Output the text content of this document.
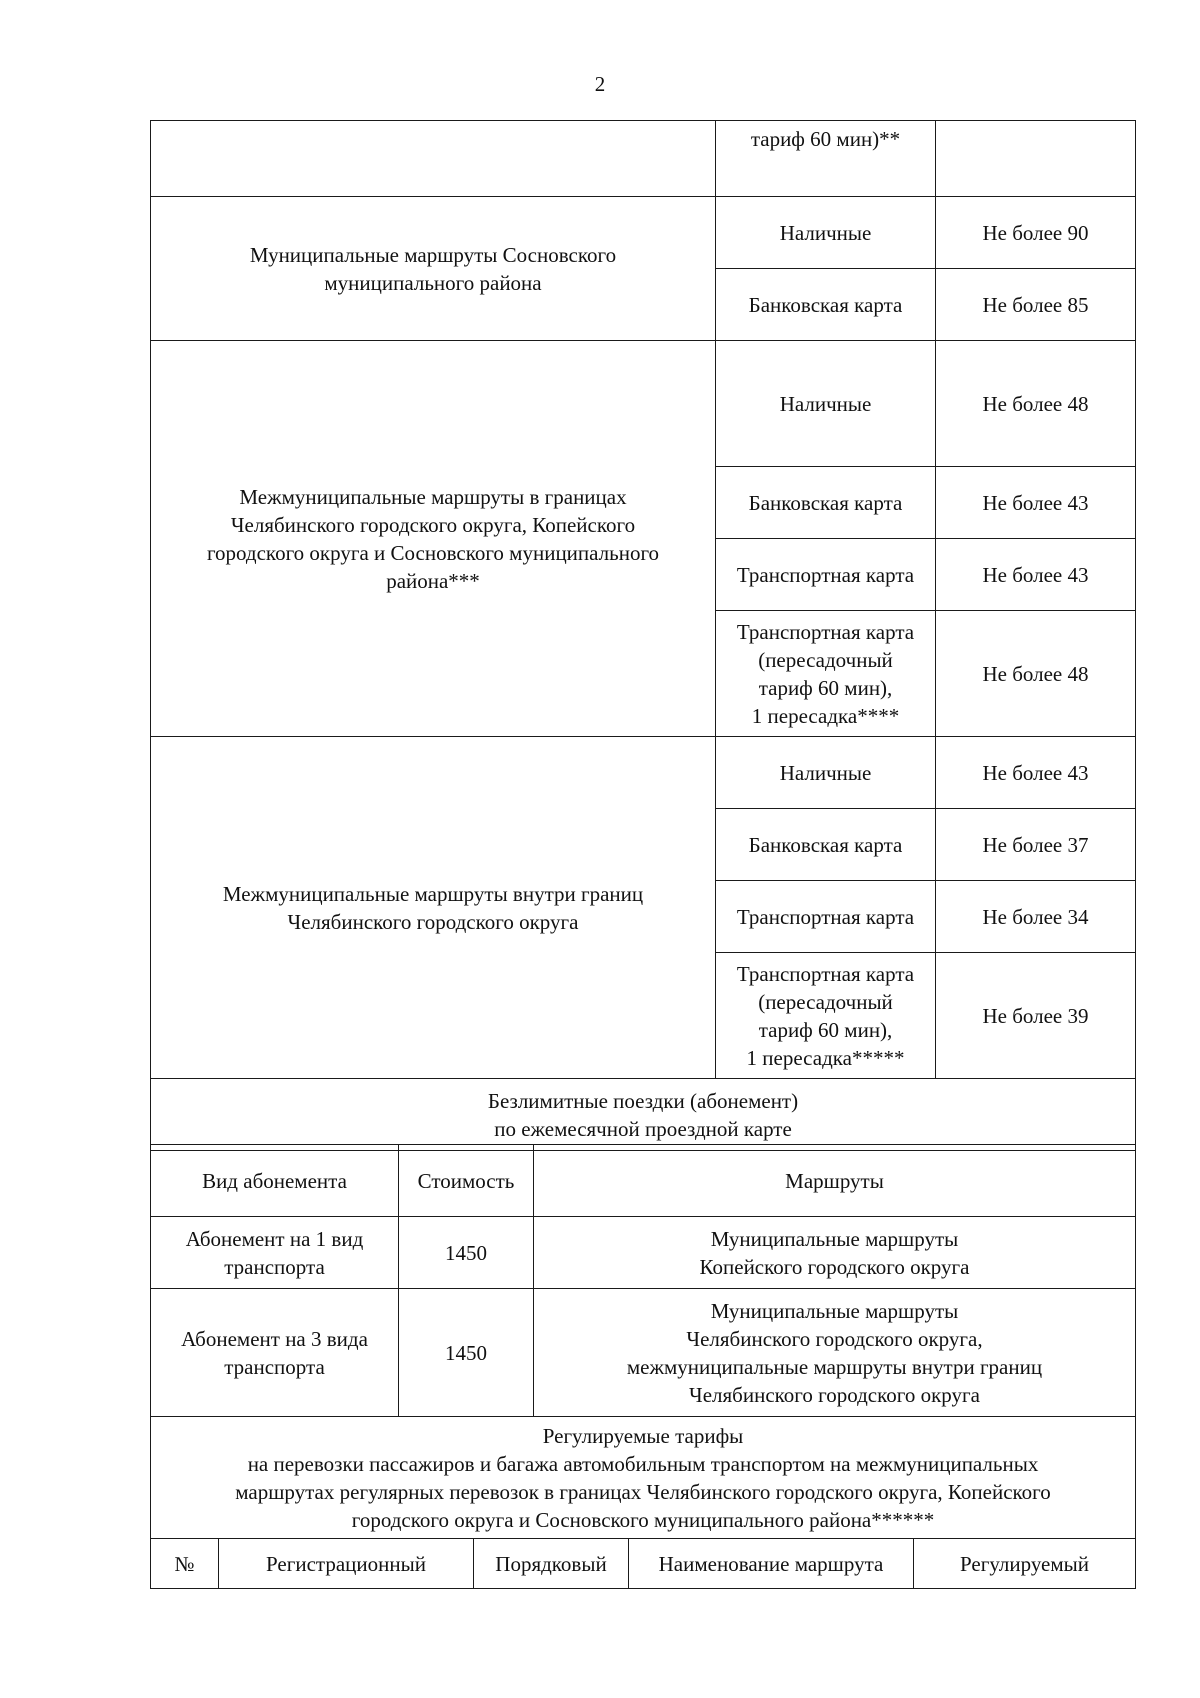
2
	тариф 60 мин)**	

Муниципальные маршруты Сосновского
муниципального района	Наличные	Не более 90
	Банковская карта	Не более 85

Межмуниципальные маршруты в границах
Челябинского городского округа, Копейского
городского округа и Сосновского муниципального
района***	Наличные	Не более 48
	Банковская карта	Не более 43
	Транспортная карта	Не более 43

	Транспортная карта
(пересадочный
тариф 60 мин),
1 пересадка****	Не более 48

Межмуниципальные маршруты внутри границ
Челябинского городского округа	Наличные	Не более 43
	Банковская карта	Не более 37
	Транспортная карта	Не более 34

	Транспортная карта
(пересадочный
тариф 60 мин),
1 пересадка*****	Не более 39

Безлимитные поездки (абонемент)
по ежемесячной проездной карте		
Вид абонемента	Стоимость	Маршруты

Абонемент на 1 вид
транспорта	1450	Муниципальные маршруты
Копейского городского округа

Абонемент на 3 вида
транспорта	1450	Муниципальные маршруты
Челябинского городского округа,
межмуниципальные маршруты внутри границ
Челябинского городского округа
Регулируемые тарифы
на перевозки пассажиров и багажа автомобильным транспортом на межмуниципальных
маршрутах регулярных перевозок в границах Челябинского городского округа, Копейского
городского округа и Сосновского муниципального района******

№	Регистрационный	Порядковый	Наименование маршрута	Регулируемый
